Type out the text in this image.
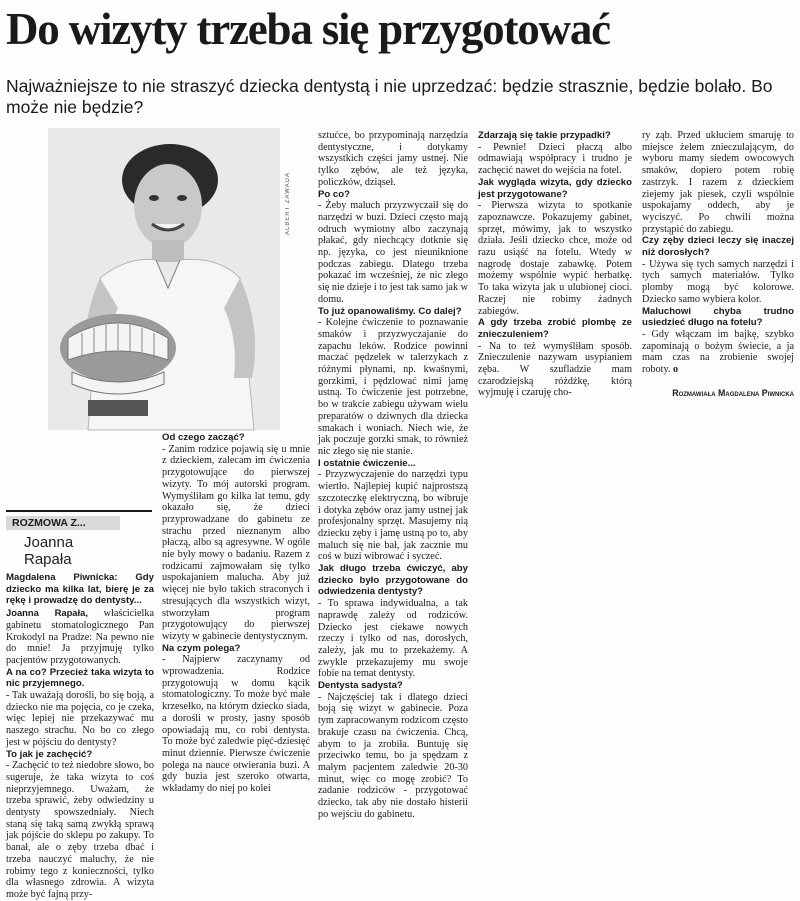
Do wizyty trzeba się przygotować
Najważniejsze to nie straszyć dziecka dentystą i nie uprzedzać: będzie strasznie, będzie bolało. Bo może nie będzie?
ALBERT ZAWADA
ROZMOWA Z...
Joanna
Rapała

Magdalena Piwnicka: Gdy dziecko ma kilka lat, bierę je za rękę i prowadzę do dentysty...

Joanna Rapała, właścicielka gabinetu stomatologicznego Pan Krokodyl na Pradze: Na pewno nie do mnie! Ja przyjmuję tylko pacjentów przygotowanych.

A na co? Przecież taka wizyta to nic przyjemnego.

- Tak uważają dorośli, bo się boją, a dziecko nie ma pojęcia, co je czeka, więc lepiej nie przekazywać mu naszego strachu. No bo co złego jest w pójściu do dentysty?

To jak je zachęcić?

- Zachęcić to też niedobre słowo, bo sugeruje, że taka wizyta to coś nieprzyjemnego. Uważam, że trzeba sprawić, żeby odwiedziny u dentysty spowszedniały. Niech staną się taką samą zwykłą sprawą jak pójście do sklepu po zakupy. To banał, ale o zęby trzeba dbać i trzeba nauczyć maluchy, że nie robimy tego z konieczności, tylko dla własnego zdrowia. A wizyta może być fajną przy-

Od czego zacząć?

- Zanim rodzice pojawią się u mnie z dzieckiem, zalecam im ćwiczenia przygotowujące do pierwszej wizyty. To mój autorski program. Wymyśliłam go kilka lat temu, gdy okazało się, że dzieci przyprowadzane do gabinetu ze strachu przed nieznanym albo płaczą, albo są agresywne. W ogóle nie były mowy o badaniu. Razem z rodzicami zajmowałam się tylko uspokajaniem malucha. Aby już więcej nie było takich straconych i stresujących dla wszystkich wizyt, stworzyłam program przygotowujący do pierwszej wizyty w gabinecie dentystycznym.

Na czym polega?

- Najpierw zaczynamy od wprowadzenia. Rodzice przygotowują w domu kącik stomatologiczny. To może być małe krzesełko, na którym dziecko siada, a dorośli w prosty, jasny sposób opowiadają mu, co robi dentysta. To może być zaledwie pięć-dziesięć minut dziennie. Pierwsze ćwiczenie polega na nauce otwierania buzi. A gdy buzia jest szeroko otwarta, wkładamy do niej po kolei

sztućce, bo przypominają narzędzia dentystyczne, i dotykamy wszystkich części jamy ustnej. Nie tylko zębów, ale też języka, policzków, dziąseł.

Po co?

- Żeby maluch przyzwyczaił się do narzędzi w buzi. Dzieci często mają odruch wymiotny albo zaczynają płakać, gdy niechcący dotknie się np. języka, co jest nieuniknione podczas zabiegu. Dlatego trzeba pokazać im wcześniej, że nic złego się nie dzieje i to jest tak samo jak w domu.

To już opanowaliśmy. Co dalej?

- Kolejne ćwiczenie to poznawanie smaków i przyzwyczajanie do zapachu leków. Rodzice powinni maczać pędzelek w talerzykach z różnymi płynami, np. kwaśnymi, gorzkimi, i pędzlować nimi jamę ustną. To ćwiczenie jest potrzebne, bo w trakcie zabiegu używam wielu preparatów o dziwnych dla dziecka smakach i woniach. Niech wie, że jak poczuje gorzki smak, to również nic złego się nie stanie.

I ostatnie ćwiczenie...

- Przyzwyczajenie do narzędzi typu wiertło. Najlepiej kupić najprostszą szczoteczkę elektryczną, bo wibruje i dotyka zębów oraz jamy ustnej jak profesjonalny sprzęt. Masujemy nią dziecku zęby i jamę ustną po to, aby maluch się nie bał, jak zacznie mu coś w buzi wibrować i syczeć.

Jak długo trzeba ćwiczyć, aby dziecko było przygotowane do odwiedzenia dentysty?

- To sprawa indywidualna, a tak naprawdę zależy od rodziców. Dziecko jest ciekawe nowych rzeczy i tylko od nas, dorosłych, zależy, jak mu to przekażemy. A zwykle przekazujemy mu swoje fobie na temat dentysty.

Dentysta sadysta?

- Najczęściej tak i dlatego dzieci boją się wizyt w gabinecie. Poza tym zapracowanym rodzicom często brakuje czasu na ćwiczenia. Chcą, abym to ja zrobiła. Buntuję się przeciwko temu, bo ja spędzam z małym pacjentem zaledwie 20-30 minut, więc co mogę zrobić? To zadanie rodziców - przygotować dziecko, tak aby nie dostało histerii po wejściu do gabinetu.

Zdarzają się takie przypadki?

- Pewnie! Dzieci płaczą albo odmawiają współpracy i trudno je zachęcić nawet do wejścia na fotel.

Jak wygląda wizyta, gdy dziecko jest przygotowane?

- Pierwsza wizyta to spotkanie zapoznawcze. Pokazujemy gabinet, sprzęt, mówimy, jak to wszystko działa. Jeśli dziecko chce, może od razu usiąść na fotelu. Wtedy w nagrodę dostaje zabawkę. Potem możemy wspólnie wypić herbatkę. To taka wizyta jak u ulubionej cioci. Raczej nie robimy żadnych zabiegów.

A gdy trzeba zrobić plombę ze znieczuleniem?

- Na to też wymyśliłam sposób. Znieczulenie nazywam usypianiem zęba. W szufladzie mam czarodziejską różdżkę, którą wyjmuję i czaruję cho-

ry ząb. Przed ukłuciem smaruję to miejsce żelem znieczulającym, do wyboru mamy siedem owocowych smaków, dopiero potem robię zastrzyk. I razem z dzieckiem ziejemy jak piesek, czyli wspólnie uspokajamy oddech, aby je wyciszyć. Po chwili można przystąpić do zabiegu.

Czy zęby dzieci leczy się inaczej niż dorosłych?

- Używa się tych samych narzędzi i tych samych materiałów. Tylko plomby mogą być kolorowe. Dziecko samo wybiera kolor.

Maluchowi chyba trudno usiedzieć długo na fotelu?

- Gdy włączam im bajkę, szybko zapominają o bożym świecie, a ja mam czas na zrobienie swojej roboty. o

Rozmawiała Magdalena Piwnicka
